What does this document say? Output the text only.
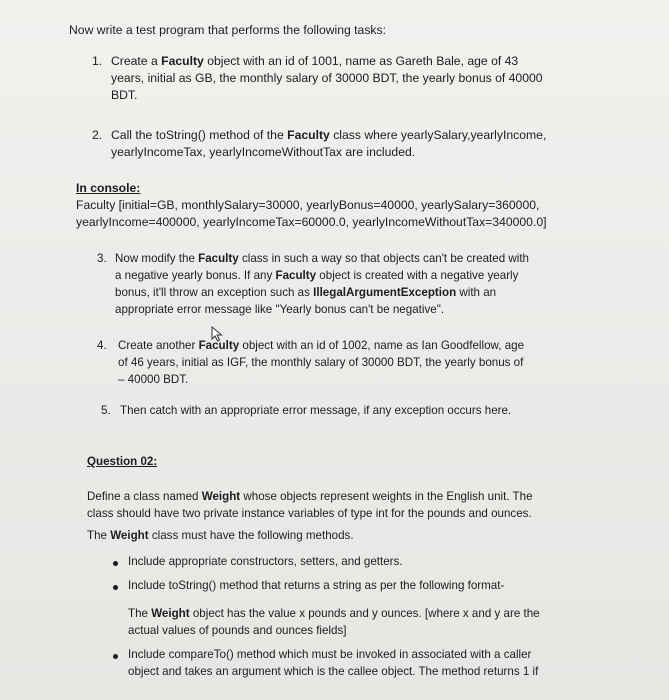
Now write a test program that performs the following tasks:
1. Create a Faculty object with an id of 1001, name as Gareth Bale, age of 43
years, initial as GB, the monthly salary of 30000 BDT, the yearly bonus of 40000
BDT.
2. Call the toString() method of the Faculty class where yearlySalary,yearlyIncome,
yearlyIncomeTax, yearlyIncomeWithoutTax are included.
In console:
Faculty [initial=GB, monthlySalary=30000, yearlyBonus=40000, yearlySalary=360000,
yearlyIncome=400000, yearlyIncomeTax=60000.0, yearlyIncomeWithoutTax=340000.0]
3. Now modify the Faculty class in such a way so that objects can't be created with
a negative yearly bonus. If any Faculty object is created with a negative yearly
bonus, it'll throw an exception such as IllegalArgumentException with an
appropriate error message like "Yearly bonus can't be negative".
4. Create another Faculty object with an id of 1002, name as Ian Goodfellow, age
of 46 years, initial as IGF, the monthly salary of 30000 BDT, the yearly bonus of
– 40000 BDT.
5. Then catch with an appropriate error message, if any exception occurs here.
Question 02:
Define a class named Weight whose objects represent weights in the English unit. The
class should have two private instance variables of type int for the pounds and ounces.
The Weight class must have the following methods.
Include appropriate constructors, setters, and getters.
Include toString() method that returns a string as per the following format-
The Weight object has the value x pounds and y ounces. [where x and y are the
actual values of pounds and ounces fields]
Include compareTo() method which must be invoked in associated with a caller
object and takes an argument which is the callee object. The method returns 1 if
